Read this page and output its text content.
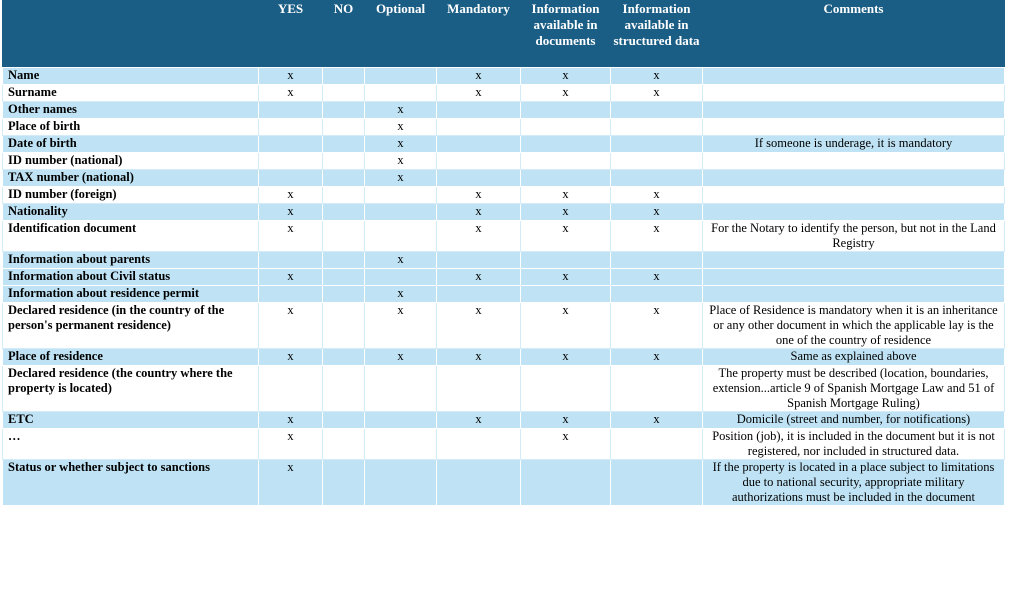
	YES	NO	Optional	Mandatory	Information available in documents	Information available in structured data	Comments
Name	x			x	x	x	
Surname	x			x	x	x	
Other names			x				
Place of birth			x				
Date of birth			x				If someone is underage, it is mandatory
ID number (national)			x				
TAX number (national)			x				
ID number (foreign)	x			x	x	x	
Nationality	x			x	x	x	
Identification document	x			x	x	x	For the Notary to identify the person, but not in the Land Registry
Information about parents			x				
Information about Civil status	x			x	x	x	
Information about residence permit			x				
Declared residence (in the country of the person's permanent residence)	x		x	x	x	x	Place of Residence is mandatory when it is an inheritance or any other document in which the applicable lay is the one of the country of residence
Place of residence	x		x	x	x	x	Same as explained above
Declared residence (the country where the property is located)							The property must be described (location, boundaries, extension...article 9 of Spanish Mortgage Law and 51 of Spanish Mortgage Ruling)
ETC	x			x	x	x	Domicile (street and number, for notifications)
…	x				x		Position (job), it is included in the document but it is not registered, nor included in structured data.
Status or whether subject to sanctions	x						If the property is located in a place subject to limitations due to national security, appropriate military authorizations must be included in the document
